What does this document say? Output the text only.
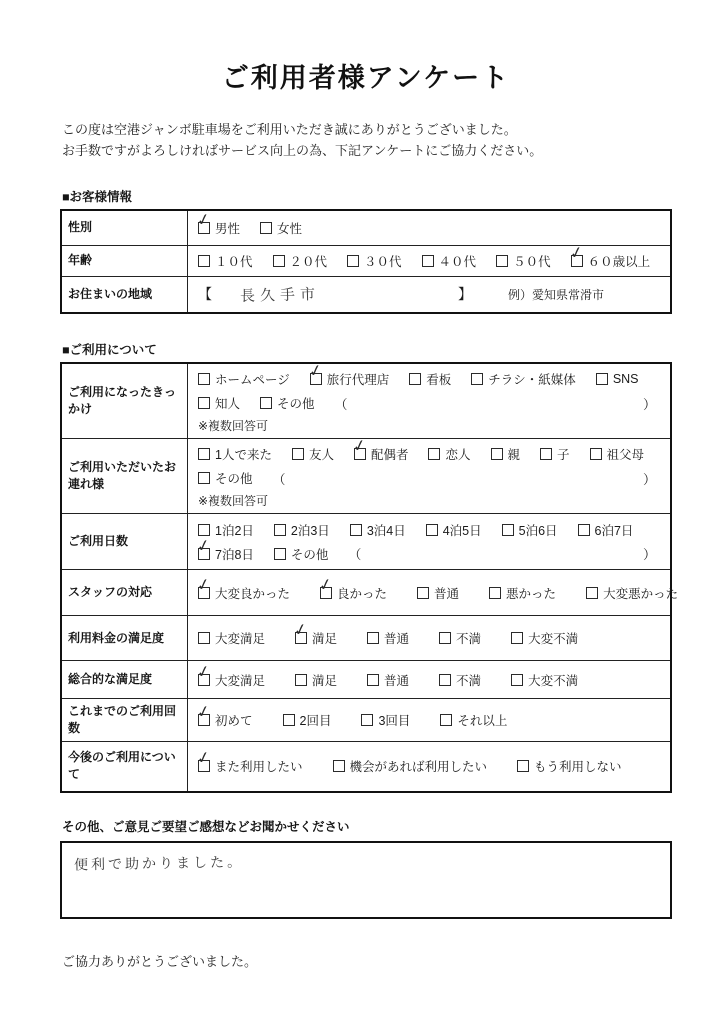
ご利用者様アンケート

この度は空港ジャンボ駐車場をご利用いただき誠にありがとうございました。
お手数ですがよろしければサービス向上の為、下記アンケートにご協力ください。

■お客様情報
性別	✓ 男性 女性

年齢	１０代	２０代	３０代	４０代	５０代 ✓ ６０歳以上

お住まいの地域	【 長久手市 】 例）愛知県常滑市
■ご利用について
ご利用になったきっかけ	
ホームページ ✓ 旅行代理店	看板	チラシ・紙媒体	SNS
知人	その他 （	）
※複数回答可

ご利用いただいたお連れ様	
1人で来た	友人 ✓ 配偶者	恋人	親	子	祖父母
その他 （	）
※複数回答可

ご利用日数	
1泊2日	2泊3日	3泊4日	4泊5日	5泊6日	6泊7日
✓ 7泊8日	その他 （	）

スタッフの対応	✓ 大変良かった ✓ 良かった	普通	悪かった	大変悪かった

利用料金の満足度	大変満足 ✓ 満足	普通	不満	大変不満

総合的な満足度	✓ 大変満足	満足	普通	不満	大変不満

これまでのご利用回数	✓ 初めて 2回目 3回目 それ以上

今後のご利用について	✓ また利用したい 機会があれば利用したい もう利用しない
その他、ご意見ご要望ご感想などお聞かせください
便利で助かりました。

ご協力ありがとうございました。
